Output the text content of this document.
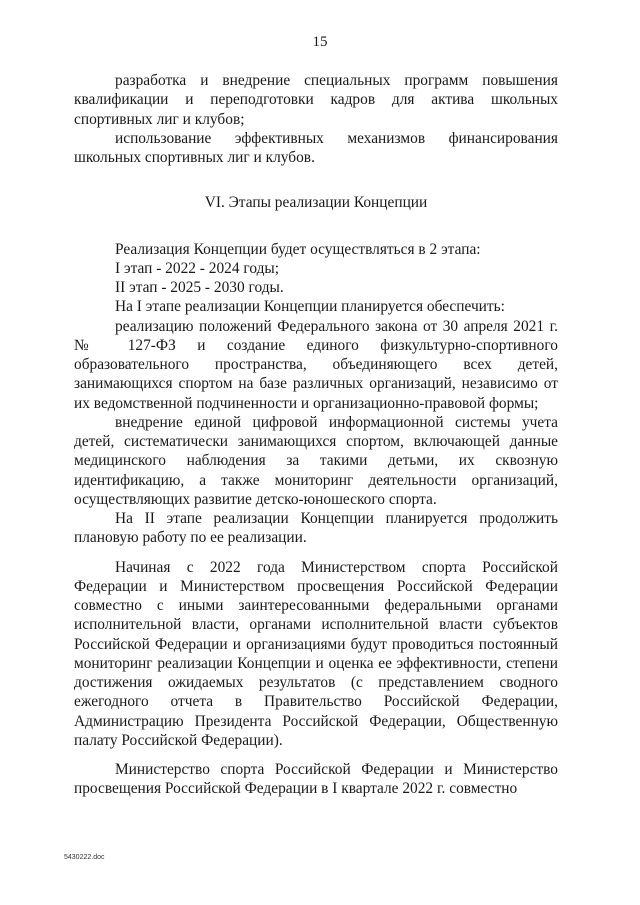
15

разработка и внедрение специальных программ повышения квалификации и переподготовки кадров для актива школьных спортивных лиг и клубов;

использование эффективных механизмов финансирования школьных спортивных лиг и клубов.

VI. Этапы реализации Концепции

Реализация Концепции будет осуществляться в 2 этапа:

I этап - 2022 - 2024 годы;

II этап - 2025 - 2030 годы.

На I этапе реализации Концепции планируется обеспечить:

реализацию положений Федерального закона от 30 апреля 2021 г. № 127-ФЗ и создание единого физкультурно-спортивного образовательного пространства, объединяющего всех детей, занимающихся спортом на базе различных организаций, независимо от их ведомственной подчиненности и организационно-правовой формы;

внедрение единой цифровой информационной системы учета детей, систематически занимающихся спортом, включающей данные медицинского наблюдения за такими детьми, их сквозную идентификацию, а также мониторинг деятельности организаций, осуществляющих развитие детско-юношеского спорта.

На II этапе реализации Концепции планируется продолжить плановую работу по ее реализации.

Начиная с 2022 года Министерством спорта Российской Федерации и Министерством просвещения Российской Федерации совместно с иными заинтересованными федеральными органами исполнительной власти, органами исполнительной власти субъектов Российской Федерации и организациями будут проводиться постоянный мониторинг реализации Концепции и оценка ее эффективности, степени достижения ожидаемых результатов (с представлением сводного ежегодного отчета в Правительство Российской Федерации, Администрацию Президента Российской Федерации, Общественную палату Российской Федерации).

Министерство спорта Российской Федерации и Министерство просвещения Российской Федерации в I квартале 2022 г. совместно

5430222.doc
